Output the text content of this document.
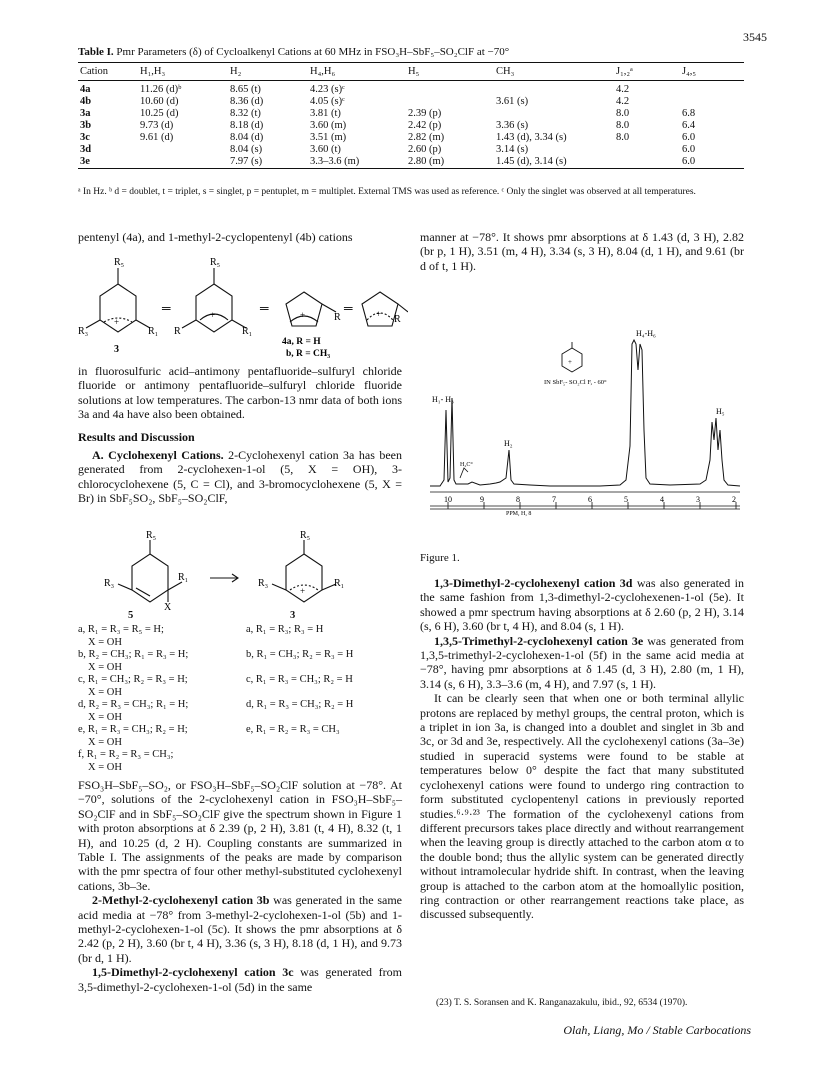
3545
Table I. Pmr Parameters (δ) of Cycloalkenyl Cations at 60 MHz in FSO₃H–SbF₅–SO₂ClF at −70°
Cation	H₁,H₃	H₂	H₄,H₆	H₅	CH₃	J₁,₂ᵃ	J₄,₅
4a	11.26 (d)ᵇ	8.65 (t)	4.23 (s)ᶜ			4.2	
4b	10.60 (d)	8.36 (d)	4.05 (s)ᶜ		3.61 (s)	4.2	
3a	10.25 (d)	8.32 (t)	3.81 (t)	2.39 (p)		8.0	6.8
3b	9.73 (d)	8.18 (d)	3.60 (m)	2.42 (p)	3.36 (s)	8.0	6.4
3c	9.61 (d)	8.04 (d)	3.51 (m)	2.82 (m)	1.43 (d), 3.34 (s)	8.0	6.0
3d		8.04 (s)	3.60 (t)	2.60 (p)	3.14 (s)		6.0
3e		7.97 (s)	3.3–3.6 (m)	2.80 (m)	1.45 (d), 3.14 (s)		6.0
ᵃ In Hz. ᵇ d = doublet, t = triplet, s = singlet, p = pentuplet, m = multiplet. External TMS was used as reference. ᶜ Only the singlet was observed at all temperatures.

pentenyl (4a), and 1-methyl-2-cyclopentenyl (4b) cations

R₅
R₃	R₁
+
3
═
R₅
R	R₁
+	═	+	R
═	+ R
4a, R = H
b, R = CH₃

in fluorosulfuric acid–antimony pentafluoride–sulfuryl chloride fluoride or antimony pentafluoride–sulfuryl chloride fluoride solutions at low temperatures. The carbon-13 nmr data of both ions 3a and 4a have also been obtained.

Results and Discussion

A. Cyclohexenyl Cations. 2-Cyclohexenyl cation 3a has been generated from 2-cyclohexen-1-ol (5, X = OH), 3-chlorocyclohexene (5, C = Cl), and 3-bromocyclohexene (5, X = Br) in SbF₅SO₂, SbF₅–SO₂ClF,

R₅
R₃
R₁
X
R₅
R₃	R₁
+
5	3
a, R₁ = R₃ = R₅ = H;
X = OH
b, R₂ = CH₃; R₁ = R₃ = H;
X = OH
c, R₁ = CH₃; R₂ = R₃ = H;
X = OH
d, R₂ = R₃ = CH₃; R₁ = H;
X = OH
e, R₁ = R₃ = CH₃; R₂ = H;
X = OH
f, R₁ = R₂ = R₃ = CH₃;
X = OH
a, R₁ = R₃; R₃ = H
b, R₁ = CH₃; R₂ = R₃ = H
c, R₁ = R₃ = CH₃; R₂ = H
d, R₁ = R₃ = CH₃; R₂ = H
e, R₁ = R₂ = R₃ = CH₃

FSO₃H–SbF₅–SO₂, or FSO₃H–SbF₅–SO₂ClF solution at −78°. At −70°, solutions of the 2-cyclohexenyl cation in FSO₃H–SbF₅–SO₂ClF and in SbF₅–SO₂ClF give the spectrum shown in Figure 1 with proton absorptions at δ 2.39 (p, 2 H), 3.81 (t, 4 H), 8.32 (t, 1 H), and 10.25 (d, 2 H). Coupling constants are summarized in Table I. The assignments of the peaks are made by comparison with the pmr spectra of four other methyl-substituted cyclohexenyl cations, 3b–3e.

2-Methyl-2-cyclohexenyl cation 3b was generated in the same acid media at −78° from 3-methyl-2-cyclohexen-1-ol (5b) and 1-methyl-2-cyclohexen-1-ol (5c). It shows the pmr absorptions at δ 2.42 (p, 2 H), 3.60 (br t, 4 H), 3.36 (s, 3 H), 8.18 (d, 1 H), and 9.73 (br d, 1 H).

1,5-Dimethyl-2-cyclohexenyl cation 3c was generated from 3,5-dimethyl-2-cyclohexen-1-ol (5d) in the same

manner at −78°. It shows pmr absorptions at δ 1.43 (d, 3 H), 2.82 (br p, 1 H), 3.51 (m, 4 H), 3.34 (s, 3 H), 8.04 (d, 1 H), and 9.61 (br d of t, 1 H).

+
IN SbF₅- SO₂Cl F, - 60°
10	9	8	7	6	5	4	3	2
PPM, H, 8
H₁- H₃
H₂
H₄-H₆
H₅
H₂C°
Figure 1.

1,3-Dimethyl-2-cyclohexenyl cation 3d was also generated in the same fashion from 1,3-dimethyl-2-cyclohexenen-1-ol (5e). It showed a pmr spectrum having absorptions at δ 2.60 (p, 2 H), 3.14 (s, 6 H), 3.60 (br t, 4 H), and 8.04 (s, 1 H).

1,3,5-Trimethyl-2-cyclohexenyl cation 3e was generated from 1,3,5-trimethyl-2-cyclohexen-1-ol (5f) in the same acid media at −78°, having pmr absorptions at δ 1.45 (d, 3 H), 2.80 (m, 1 H), 3.14 (s, 6 H), 3.3–3.6 (m, 4 H), and 7.97 (s, 1 H).

It can be clearly seen that when one or both terminal allylic protons are replaced by methyl groups, the central proton, which is a triplet in ion 3a, is changed into a doublet and singlet in 3b and 3c, or 3d and 3e, respectively. All the cyclohexenyl cations (3a–3e) studied in superacid systems were found to be stable at temperatures below 0° despite the fact that many substituted cyclohexenyl cations were found to undergo ring contraction to form substituted cyclopentenyl cations in previously reported studies.⁶·⁹·²³ The formation of the cyclohexenyl cations from different precursors takes place directly and without rearrangement when the leaving group is directly attached to the carbon atom α to the double bond; thus the allylic system can be generated directly without intramolecular hydride shift. In contrast, when the leaving group is attached to the carbon atom at the homoallylic position, ring contraction or other rearrangement reactions take place, as discussed subsequently.

(23) T. S. Soransen and K. Ranganazakulu, ibid., 92, 6534 (1970).
Olah, Liang, Mo / Stable Carbocations
